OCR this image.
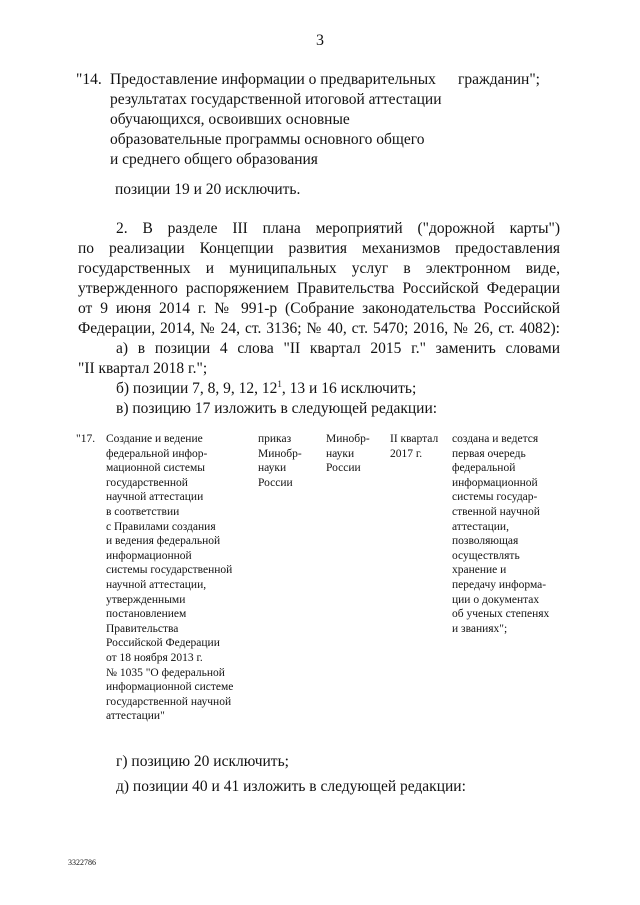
3
"14. Предоставление информации о предварительных
результатах государственной итоговой аттестации
обучающихся, освоивших основные
образовательные программы основного общего
и среднего общего образования
гражданин";
позиции 19 и 20 исключить.
2. В разделе III плана мероприятий ("дорожной карты")
по реализации Концепции развития механизмов предоставления
государственных и муниципальных услуг в электронном виде,
утвержденного распоряжением Правительства Российской Федерации
от 9 июня 2014 г. № 991-р (Собрание законодательства Российской
Федерации, 2014, № 24, ст. 3136; № 40, ст. 5470; 2016, № 26, ст. 4082):
а) в позиции 4 слова "II квартал 2015 г." заменить словами
"II квартал 2018 г.";
б) позиции 7, 8, 9, 12, $12^1$, 13 и 16 исключить;
в) позицию 17 изложить в следующей редакции:
"17. Создание и ведение
федеральной инфор-
мационной системы
государственной
научной аттестации
в соответствии
с Правилами создания
и ведения федеральной
информационной
системы государственной
научной аттестации,
утвержденными
постановлением
Правительства
Российской Федерации
от 18 ноября 2013 г.
№ 1035 "О федеральной
информационной системе
государственной научной
аттестации"
приказ
Минобр-
науки
России
Минобр-
науки
России
II квартал
2017 г.
создана и ведется
первая очередь
федеральной
информационной
системы государ-
ственной научной
аттестации,
позволяющая
осуществлять
хранение и
передачу информа-
ции о документах
об ученых степенях
и званиях";
г) позицию 20 исключить;
д) позиции 40 и 41 изложить в следующей редакции:
3322786
